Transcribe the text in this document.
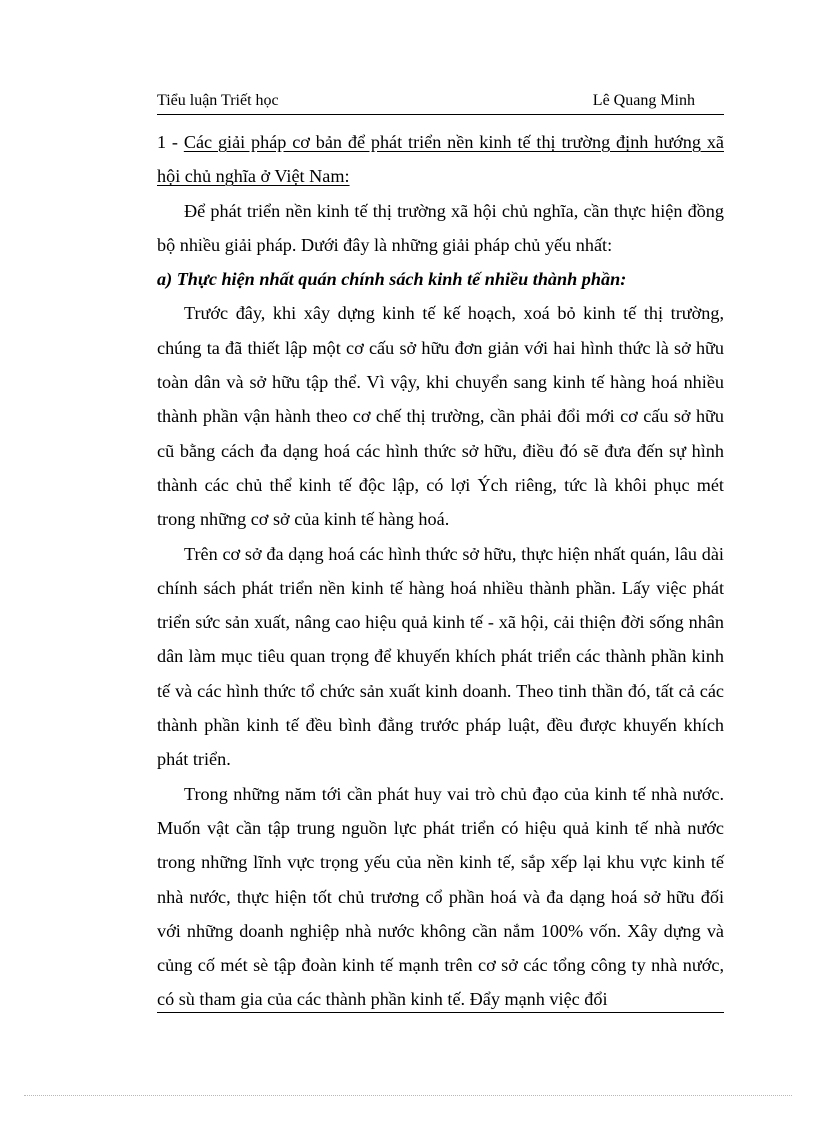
Tiểu luận Triết học	Lê Quang Minh

1 - Các giải pháp cơ bản để phát triển nền kinh tế thị trường định hướng xã hội chủ nghĩa ở Việt Nam:

Để phát triển nền kinh tế thị trường xã hội chủ nghĩa, cần thực hiện đồng bộ nhiều giải pháp. Dưới đây là những giải pháp chủ yếu nhất:

a) Thực hiện nhất quán chính sách kinh tế nhiều thành phần:

Trước đây, khi xây dựng kinh tế kế hoạch, xoá bỏ kinh tế thị trường, chúng ta đã thiết lập một cơ cấu sở hữu đơn giản với hai hình thức là sở hữu toàn dân và sở hữu tập thể. Vì vậy, khi chuyển sang kinh tế hàng hoá nhiều thành phần vận hành theo cơ chế thị trường, cần phải đổi mới cơ cấu sở hữu cũ bằng cách đa dạng hoá các hình thức sở hữu, điều đó sẽ đưa đến sự hình thành các chủ thể kinh tế độc lập, có lợi Ých riêng, tức là khôi phục mét trong những cơ sở của kinh tế hàng hoá.

Trên cơ sở đa dạng hoá các hình thức sở hữu, thực hiện nhất quán, lâu dài chính sách phát triển nền kinh tế hàng hoá nhiều thành phần. Lấy việc phát triển sức sản xuất, nâng cao hiệu quả kinh tế - xã hội, cải thiện đời sống nhân dân làm mục tiêu quan trọng để khuyến khích phát triển các thành phần kinh tế và các hình thức tổ chức sản xuất kinh doanh. Theo tinh thần đó, tất cả các thành phần kinh tế đều bình đẳng trước pháp luật, đều được khuyến khích phát triển.

Trong những năm tới cần phát huy vai trò chủ đạo của kinh tế nhà nước. Muốn vật cần tập trung nguồn lực phát triển có hiệu quả kinh tế nhà nước trong những lĩnh vực trọng yếu của nền kinh tế, sắp xếp lại khu vực kinh tế nhà nước, thực hiện tốt chủ trương cổ phần hoá và đa dạng hoá sở hữu đối với những doanh nghiệp nhà nước không cần nắm 100% vốn. Xây dựng và củng cố mét sè tập đoàn kinh tế mạnh trên cơ sở các tổng công ty nhà nước, có sù tham gia của các thành phần kinh tế. Đẩy mạnh việc đổi
